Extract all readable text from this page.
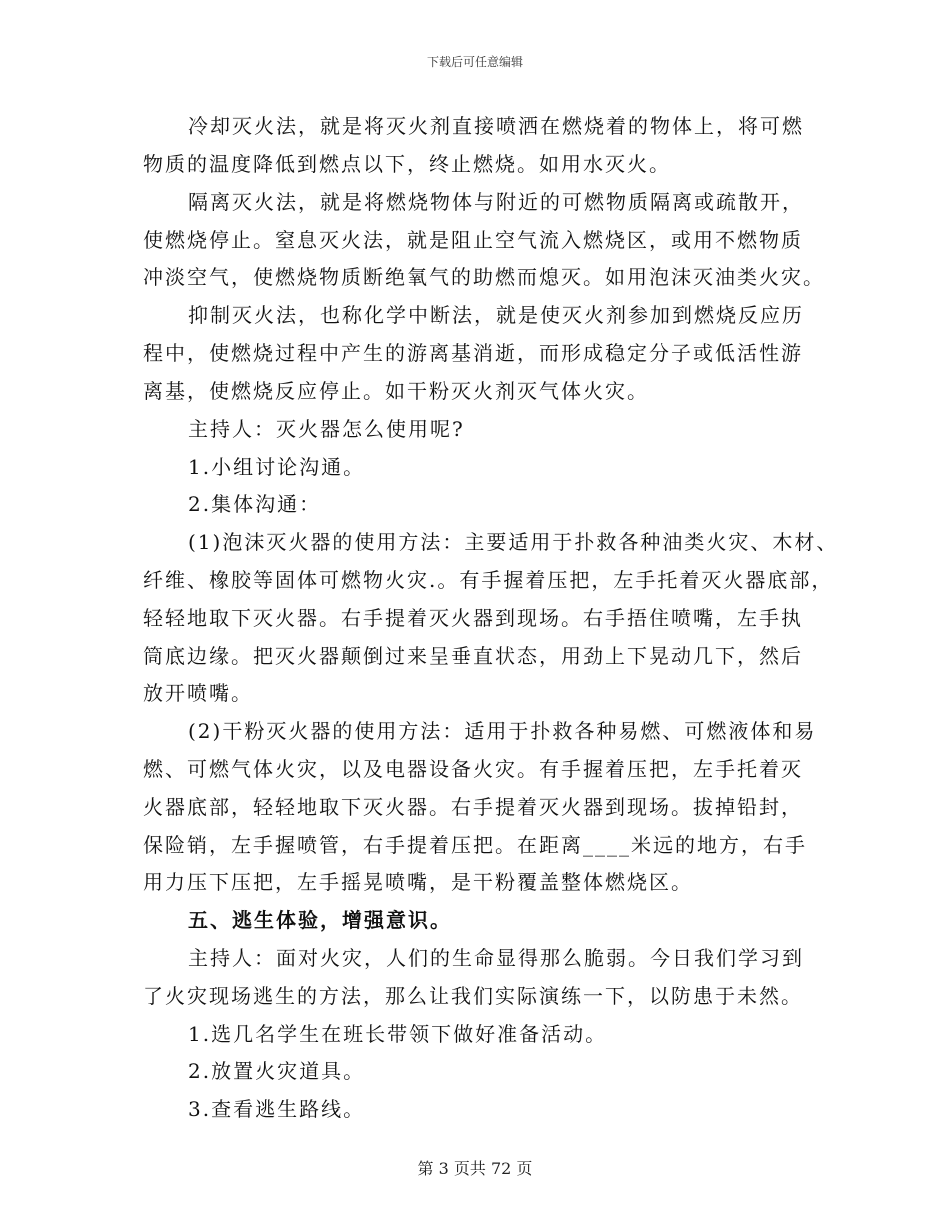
下载后可任意编辑
冷却灭火法，就是将灭火剂直接喷洒在燃烧着的物体上，将可燃
物质的温度降低到燃点以下，终止燃烧。如用水灭火。
隔离灭火法，就是将燃烧物体与附近的可燃物质隔离或疏散开，
使燃烧停止。窒息灭火法，就是阻止空气流入燃烧区，或用不燃物质
冲淡空气，使燃烧物质断绝氧气的助燃而熄灭。如用泡沫灭油类火灾。
抑制灭火法，也称化学中断法，就是使灭火剂参加到燃烧反应历
程中，使燃烧过程中产生的游离基消逝，而形成稳定分子或低活性游
离基，使燃烧反应停止。如干粉灭火剂灭气体火灾。
主持人：灭火器怎么使用呢?
1.小组讨论沟通。
2.集体沟通：
(1)泡沫灭火器的使用方法：主要适用于扑救各种油类火灾、木材、
纤维、橡胶等固体可燃物火灾.。有手握着压把，左手托着灭火器底部，
轻轻地取下灭火器。右手提着灭火器到现场。右手捂住喷嘴，左手执
筒底边缘。把灭火器颠倒过来呈垂直状态，用劲上下晃动几下，然后
放开喷嘴。
(2)干粉灭火器的使用方法：适用于扑救各种易燃、可燃液体和易
燃、可燃气体火灾，以及电器设备火灾。有手握着压把，左手托着灭
火器底部，轻轻地取下灭火器。右手提着灭火器到现场。拔掉铅封，
保险销，左手握喷管，右手提着压把。在距离____米远的地方，右手
用力压下压把，左手摇晃喷嘴，是干粉覆盖整体燃烧区。
五、逃生体验，增强意识。
主持人：面对火灾，人们的生命显得那么脆弱。今日我们学习到
了火灾现场逃生的方法，那么让我们实际演练一下，以防患于未然。
1.选几名学生在班长带领下做好准备活动。
2.放置火灾道具。
3.查看逃生路线。
第 3 页共 72 页
